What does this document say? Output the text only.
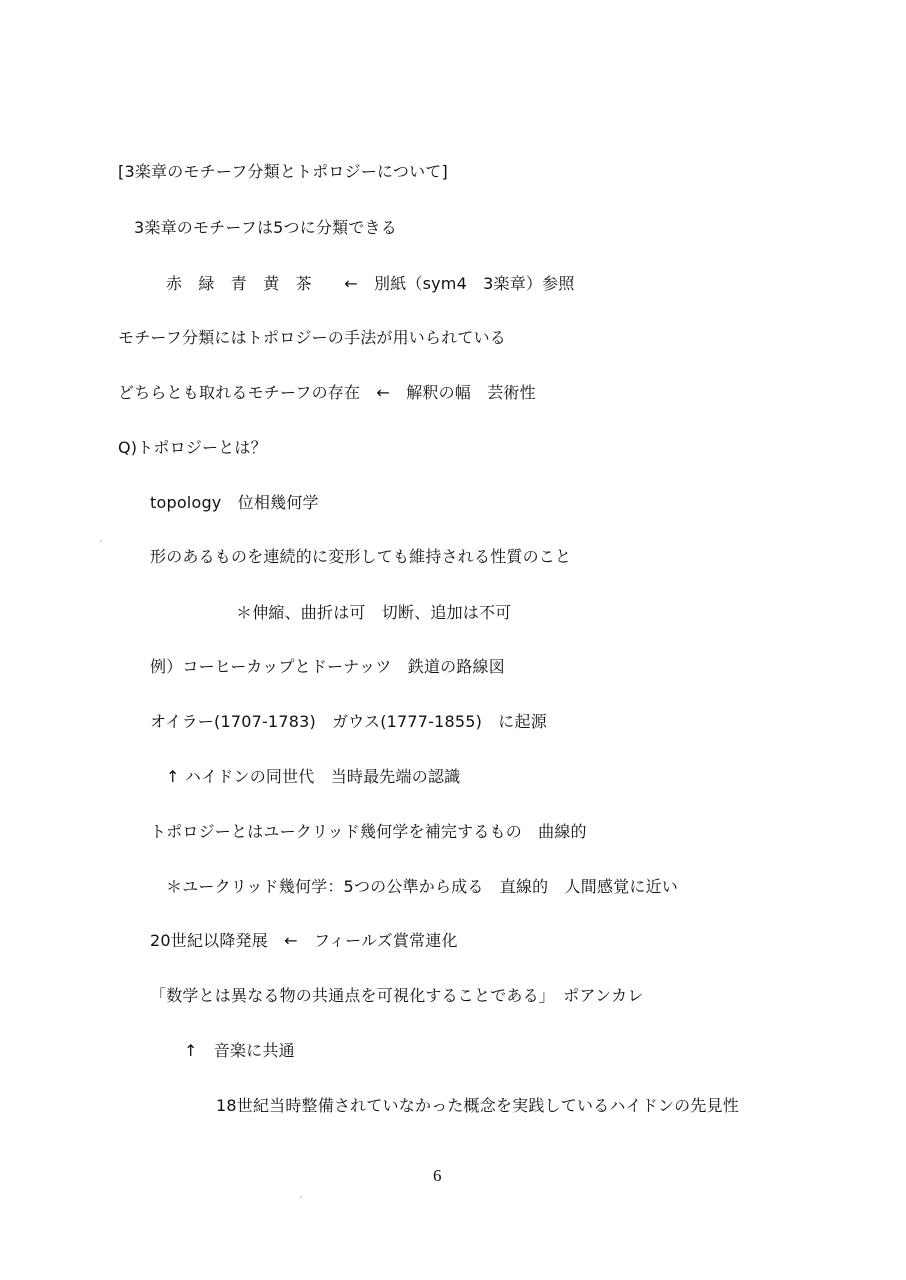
[3楽章のモチーフ分類とトポロジーについて]
3楽章のモチーフは5つに分類できる
赤　緑　青　黄　茶　　←　別紙（sym4　3楽章）参照
モチーフ分類にはトポロジーの手法が用いられている
どちらとも取れるモチーフの存在　←　解釈の幅　芸術性
Q)トポロジーとは？
topology　位相幾何学
形のあるものを連続的に変形しても維持される性質のこと
＊伸縮、曲折は可　切断、追加は不可
例）コーヒーカップとドーナッツ　鉄道の路線図
オイラー(1707-1783)　ガウス(1777-1855)　に起源
↑ ハイドンの同世代　当時最先端の認識
トポロジーとはユークリッド幾何学を補完するもの　曲線的
＊ユークリッド幾何学：5つの公準から成る　直線的　人間感覚に近い
20世紀以降発展　←　フィールズ賞常連化
「数学とは異なる物の共通点を可視化することである」　ポアンカレ
↑　音楽に共通
18世紀当時整備されていなかった概念を実践しているハイドンの先見性
6
